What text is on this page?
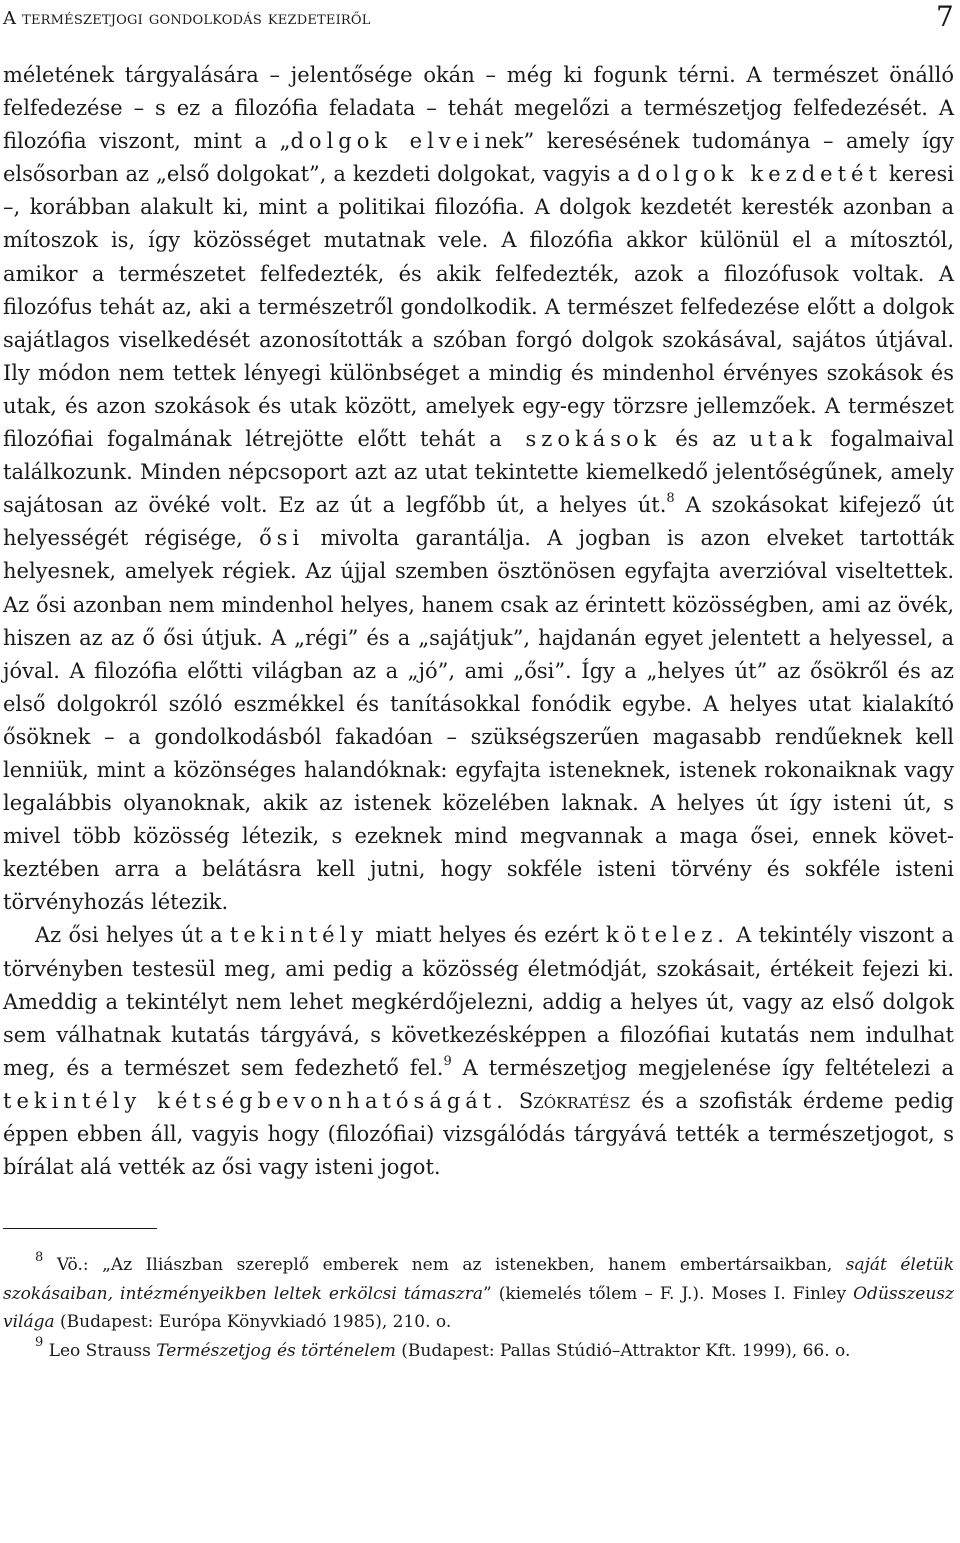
A természetjogi gondolkodás kezdeteiről	7

méletének tárgyalására – jelentősége okán – még ki fogunk térni. A természet önálló felfedezése – s ez a filozófia feladata – tehát megelőzi a természetjog felfedezését. A filozófia viszont, mint a „dolgok elveinek” keresésének tudománya – amely így elsősorban az „első dolgokat”, a kezdeti dolgokat, vagyis a dolgok kezdetét keresi –, korábban alakult ki, mint a politikai filozófia. A dolgok kezdetét keresték azonban a mítoszok is, így közösséget mutatnak vele. A filozófia akkor különül el a mítosztól, amikor a természetet felfedezték, és akik felfedezték, azok a filozófusok voltak. A filozófus tehát az, aki a természetről gondolkodik. A természet felfedezése előtt a dolgok sajátlagos viselkedését azonosították a szóban forgó dolgok szokásával, sajátos útjával. Ily módon nem tettek lényegi különbséget a mindig és mindenhol érvényes szokások és utak, és azon szokások és utak között, amelyek egy-egy törzsre jellemzőek. A természet filozófiai fogalmának létrejötte előtt tehát a szokások és az utak fogalmaival találkozunk. Minden népcsoport azt az utat tekintette kiemelkedő jelentőségűnek, amely sajátosan az övéké volt. Ez az út a legfőbb út, a helyes út.$^8$ A szokásokat kifejező út helyességét régisége, ősi mivolta garantálja. A jogban is azon elveket tartották helyesnek, amelyek régiek. Az újjal szemben ösztönösen egyfajta averzióval viseltettek. Az ősi azonban nem mindenhol helyes, hanem csak az érintett közösségben, ami az övék, hiszen az az ő ősi útjuk. A „régi” és a „sajátjuk”, hajdanán egyet jelentett a helyessel, a jóval. A filozófia előtti világban az a „jó”, ami „ősi”. Így a „helyes út” az ősökről és az első dolgokról szóló eszmékkel és tanításokkal fonódik egybe. A helyes utat kialakító ősöknek – a gondolkodásból fakadóan – szükségszerűen magasabb rendűeknek kell lenniük, mint a közönséges halandóknak: egyfajta isteneknek, istenek rokonaiknak vagy legalábbis olyanoknak, akik az istenek közelében laknak. A helyes út így isteni út, s mivel több közösség létezik, s ezeknek mind megvannak a maga ősei, ennek következtében arra a belátásra kell jutni, hogy sokféle isteni törvény és sokféle isteni törvényhozás létezik.

Az ősi helyes út a tekintély miatt helyes és ezért kötelez. A tekintély viszont a törvényben testesül meg, ami pedig a közösség életmódját, szokásait, értékeit fejezi ki. Ameddig a tekintélyt nem lehet megkérdőjelezni, addig a helyes út, vagy az első dolgok sem válhatnak kutatás tárgyává, s következésképpen a filozófiai kutatás nem indulhat meg, és a természet sem fedezhető fel.$^9$ A természetjog megjelenése így feltételezi a tekintély kétségbevonhatóságát. Szókratész és a szofisták érdeme pedig éppen ebben áll, vagyis hogy (filozófiai) vizsgálódás tárgyává tették a természetjogot, s bírálat alá vették az ősi vagy isteni jogot.

$^8$ Vö.: „Az Iliászban szereplő emberek nem az istenekben, hanem embertársaikban, saját életük szokásaiban, intézményeikben leltek erkölcsi támaszra” (kiemelés tőlem – F. J.). Moses I. Finley Odüsszeusz világa (Budapest: Európa Könyvkiadó 1985), 210. o.

$^9$ Leo Strauss Természetjog és történelem (Budapest: Pallas Stúdió–Attraktor Kft. 1999), 66. o.
